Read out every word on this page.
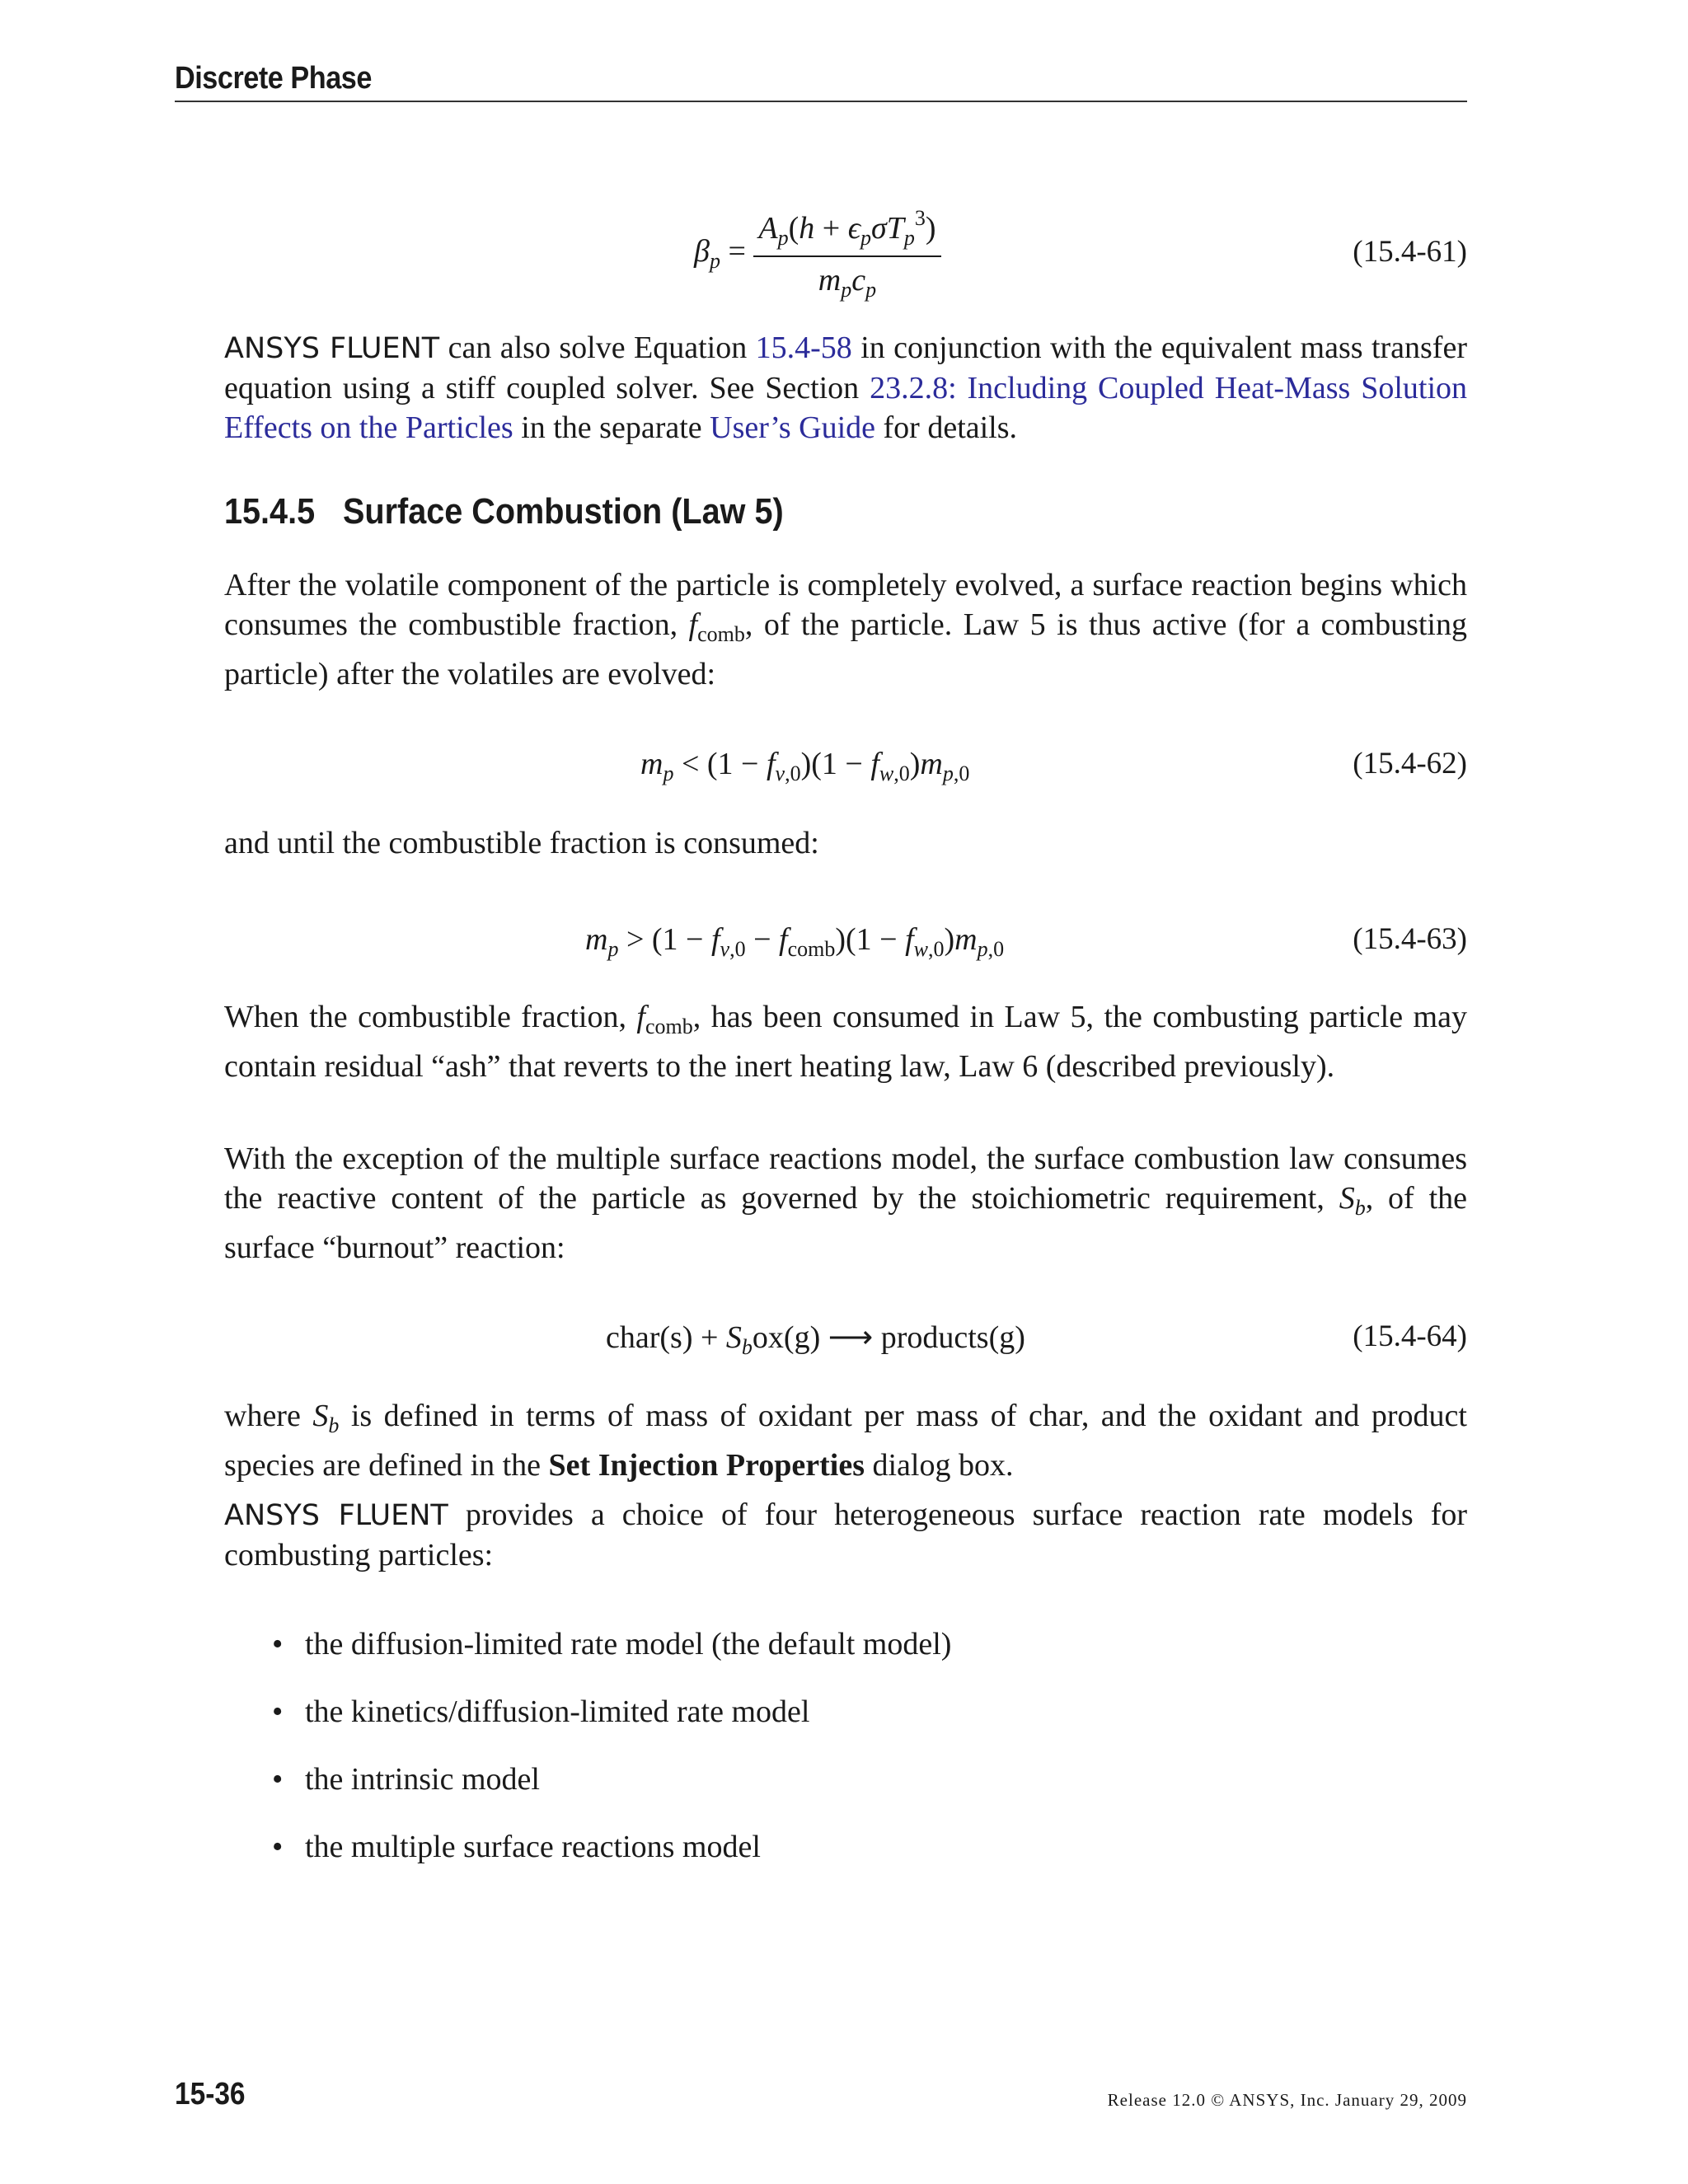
Discrete Phase
$\beta_p = \frac{A_p(h + \epsilon_p\sigma T_p^3)}{m_pc_p}$	(15.4-61)
ANSYS FLUENT can also solve Equation 15.4-58 in conjunction with the equivalent mass transfer equation using a stiff coupled solver. See Section 23.2.8: Including Coupled Heat-Mass Solution Effects on the Particles in the separate User’s Guide for details.
15.4.5 Surface Combustion (Law 5)
After the volatile component of the particle is completely evolved, a surface reaction begins which consumes the combustible fraction, $f_{comb}$, of the particle. Law 5 is thus active (for a combusting particle) after the volatiles are evolved:
$m_p < (1 - f_{v,0})(1 - f_{w,0})m_{p,0}$	(15.4-62)
and until the combustible fraction is consumed:
$m_p > (1 - f_{v,0} - f_{comb})(1 - f_{w,0})m_{p,0}$	(15.4-63)
When the combustible fraction, $f_{comb}$, has been consumed in Law 5, the combusting particle may contain residual “ash” that reverts to the inert heating law, Law 6 (described previously).
With the exception of the multiple surface reactions model, the surface combustion law consumes the reactive content of the particle as governed by the stoichiometric requirement, $S_b$, of the surface “burnout” reaction:
char(s) + $S_box(g)$ ⟶ products(g)	(15.4-64)
where $S_b$ is defined in terms of mass of oxidant per mass of char, and the oxidant and product species are defined in the Set Injection Properties dialog box.
ANSYS FLUENT provides a choice of four heterogeneous surface reaction rate models for combusting particles:
• the diffusion-limited rate model (the default model)
• the kinetics/diffusion-limited rate model
• the intrinsic model
• the multiple surface reactions model
15-36	Release 12.0 © ANSYS, Inc. January 29, 2009
